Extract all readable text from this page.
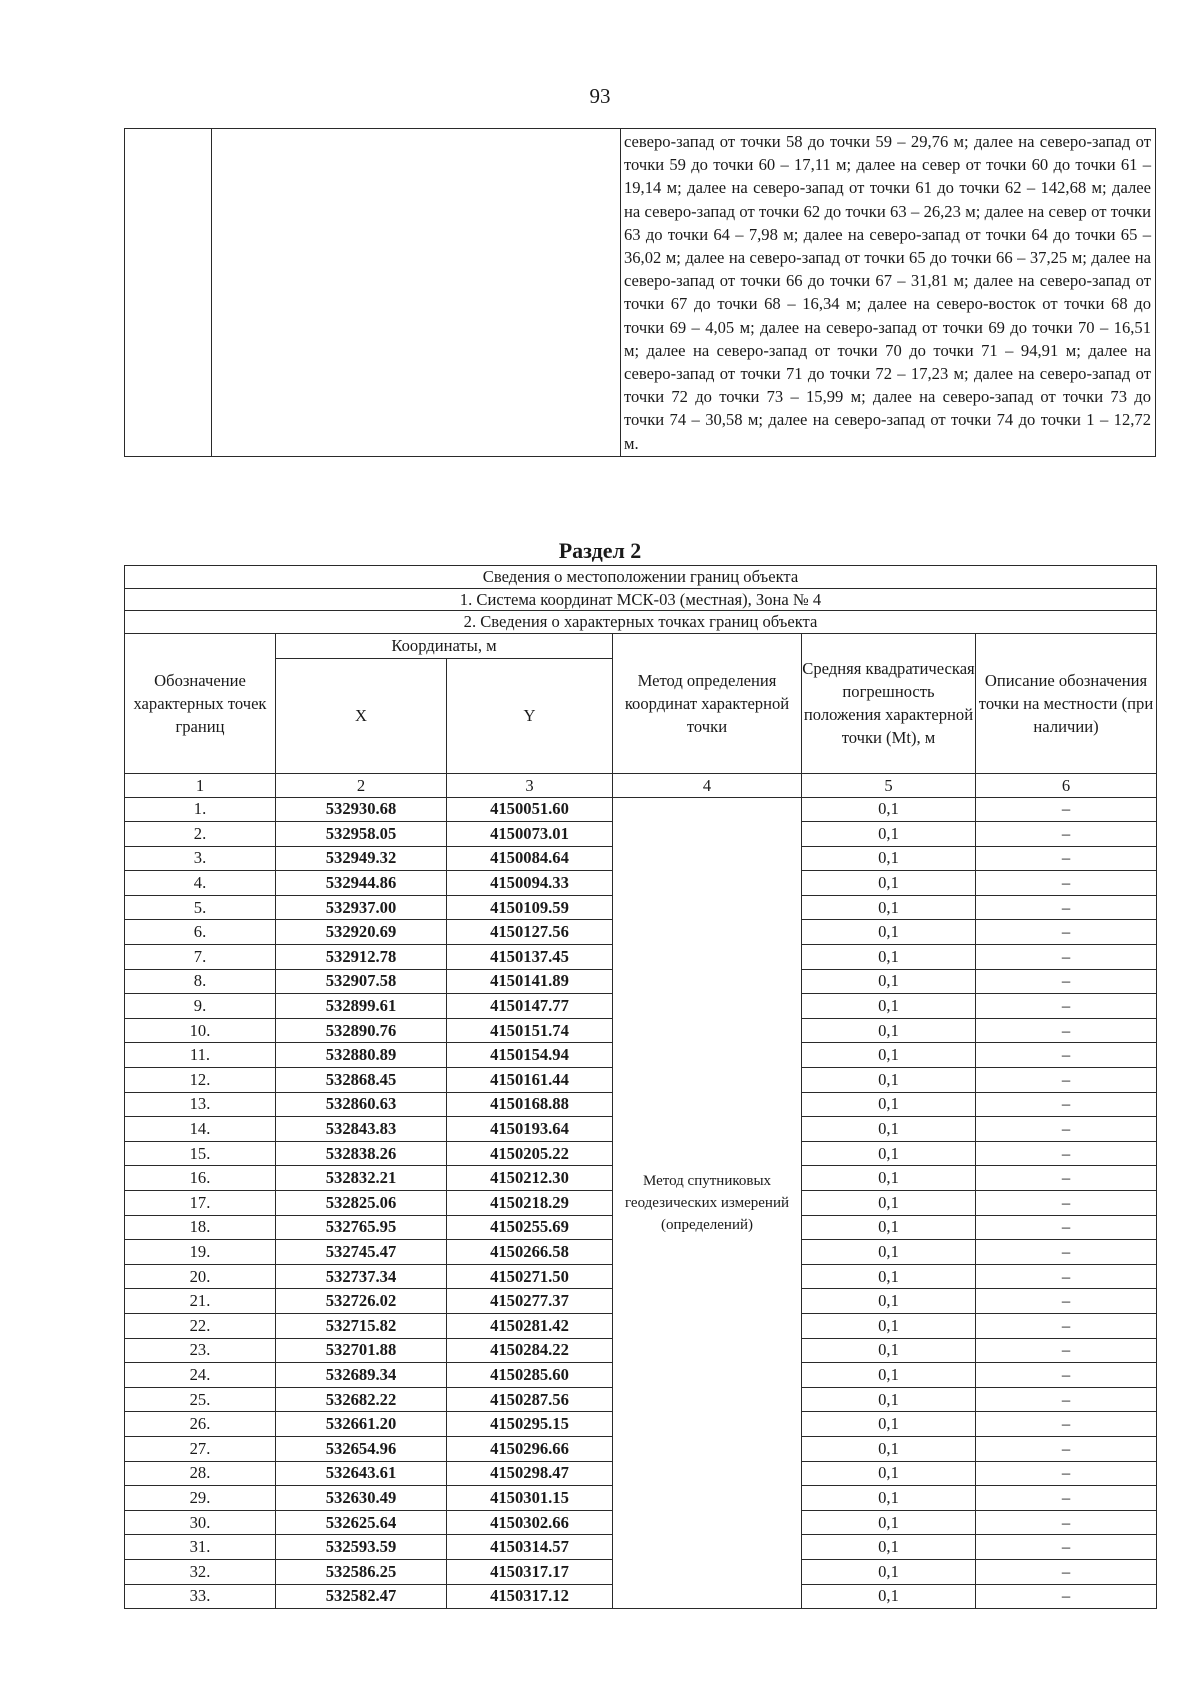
93

северо-запад от точки 58 до точки 59 – 29,76 м; далее на северо-запад от точки 59 до точки 60 – 17,11 м; далее на север от точки 60 до точки 61 – 19,14 м; далее на северо-запад от точки 61 до точки 62 – 142,68 м; далее на северо-запад от точки 62 до точки 63 – 26,23 м; далее на север от точки 63 до точки 64 – 7,98 м; далее на северо-запад от точки 64 до точки 65 – 36,02 м; далее на северо-запад от точки 65 до точки 66 – 37,25 м; далее на северо-запад от точки 66 до точки 67 – 31,81 м; далее на северо-запад от точки 67 до точки 68 – 16,34 м; далее на северо-восток от точки 68 до точки 69 – 4,05 м; далее на северо-запад от точки 69 до точки 70 – 16,51 м; далее на северо-запад от точки 70 до точки 71 – 94,91 м; далее на северо-запад от точки 71 до точки 72 – 17,23 м; далее на северо-запад от точки 72 до точки 73 – 15,99 м; далее на северо-запад от точки 73 до точки 74 – 30,58 м; далее на северо-запад от точки 74 до точки 1 – 12,72 м.
Раздел 2
Сведения о местоположении границ объекта					
1. Система координат МСК-03 (местная), Зона № 4					
2. Сведения о характерных точках границ объекта					
Обозначение характерных точек границ	Координаты, м		Метод определения координат характерной точки	Средняя квадратическая погрешность положения характерной точки (Mt), м	Описание обозначения точки на местности (при наличии)
	X	Y			
1	2	3	4	5	6
1.	532930.68	4150051.60	Метод спутниковых геодезических измерений (определений)	0,1	–
2.	532958.05	4150073.01		0,1	–
3.	532949.32	4150084.64		0,1	–
4.	532944.86	4150094.33		0,1	–
5.	532937.00	4150109.59		0,1	–
6.	532920.69	4150127.56		0,1	–
7.	532912.78	4150137.45		0,1	–
8.	532907.58	4150141.89		0,1	–
9.	532899.61	4150147.77		0,1	–
10.	532890.76	4150151.74		0,1	–
11.	532880.89	4150154.94		0,1	–
12.	532868.45	4150161.44		0,1	–
13.	532860.63	4150168.88		0,1	–
14.	532843.83	4150193.64		0,1	–
15.	532838.26	4150205.22		0,1	–
16.	532832.21	4150212.30		0,1	–
17.	532825.06	4150218.29		0,1	–
18.	532765.95	4150255.69		0,1	–
19.	532745.47	4150266.58		0,1	–
20.	532737.34	4150271.50		0,1	–
21.	532726.02	4150277.37		0,1	–
22.	532715.82	4150281.42		0,1	–
23.	532701.88	4150284.22		0,1	–
24.	532689.34	4150285.60		0,1	–
25.	532682.22	4150287.56		0,1	–
26.	532661.20	4150295.15		0,1	–
27.	532654.96	4150296.66		0,1	–
28.	532643.61	4150298.47		0,1	–
29.	532630.49	4150301.15		0,1	–
30.	532625.64	4150302.66		0,1	–
31.	532593.59	4150314.57		0,1	–
32.	532586.25	4150317.17		0,1	–
33.	532582.47	4150317.12		0,1	–
